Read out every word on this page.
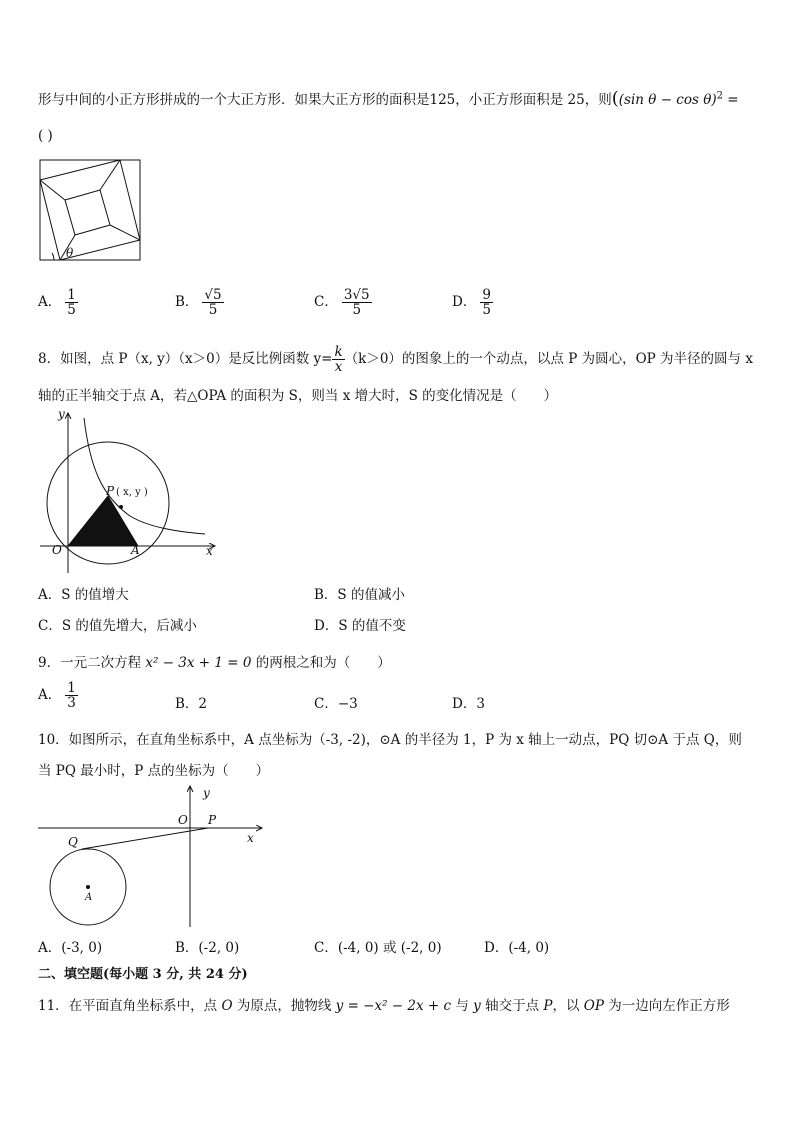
形与中间的小正方形拼成的一个大正方形．如果大正方形的面积是125，小正方形面积是 25，则((sin θ − cos θ)$^2$ =
( )
θ
A． $\frac{1}{5}$	B． $\frac{√5}{5}$	C． $\frac{3√5}{5}$	D． $\frac{9}{5}$
8．如图，点 P（x, y）（x＞0）是反比例函数 $y= \frac{k}{x} (k>0)$的图象上的一个动点，以点 P 为圆心，OP 为半径的圆与 x
轴的正半轴交于点 A，若△OPA 的面积为 S，则当 x 增大时，S 的变化情况是（　　）
y
x
O	A
P ( x, y )
A．S 的值增大	B．S 的值减小
C．S 的值先增大，后减小	D．S 的值不变
9．一元二次方程 x² − 3x + 1 = 0 的两根之和为（　　）
A． $\frac{1}{3}$	B．2	C．−3	D．3
10．如图所示，在直角坐标系中，A 点坐标为（-3, -2)，⊙A 的半径为 1，P 为 x 轴上一动点，PQ 切⊙A 于点 Q，则
当 PQ 最小时，P 点的坐标为（　　）
y
x
O P
Q
A
A．(-3, 0)	B．(-2, 0)	C．(-4, 0) 或 (-2, 0)	D．(-4, 0)
二、填空题(每小题 3 分, 共 24 分)
11．在平面直角坐标系中，点 O 为原点，抛物线 y = −x² − 2x + c 与 y 轴交于点 P，以 OP 为一边向左作正方形
